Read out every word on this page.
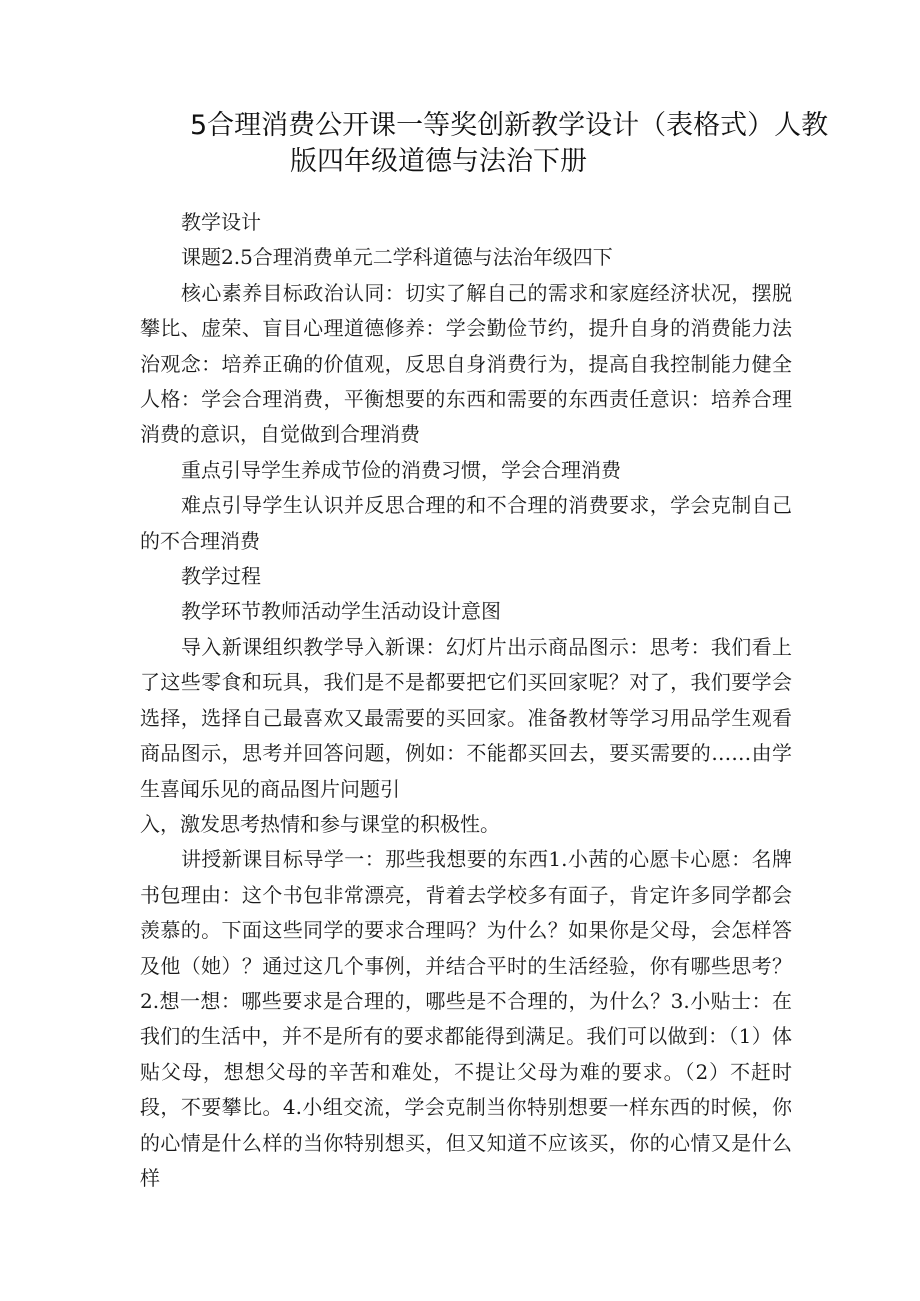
5合理消费公开课一等奖创新教学设计（表格式）人教
版四年级道德与法治下册

教学设计

课题2.5合理消费单元二学科道德与法治年级四下

核心素养目标政治认同：切实了解自己的需求和家庭经济状况，摆脱攀比、虚荣、盲目心理道德修养：学会勤俭节约，提升自身的消费能力法治观念：培养正确的价值观，反思自身消费行为，提高自我控制能力健全人格：学会合理消费，平衡想要的东西和需要的东西责任意识：培养合理消费的意识，自觉做到合理消费

重点引导学生养成节俭的消费习惯，学会合理消费

难点引导学生认识并反思合理的和不合理的消费要求，学会克制自己的不合理消费

教学过程

教学环节教师活动学生活动设计意图

导入新课组织教学导入新课：幻灯片出示商品图示：思考：我们看上了这些零食和玩具，我们是不是都要把它们买回家呢？对了，我们要学会选择，选择自己最喜欢又最需要的买回家。准备教材等学习用品学生观看商品图示，思考并回答问题，例如：不能都买回去，要买需要的……由学生喜闻乐见的商品图片问题引

入，激发思考热情和参与课堂的积极性。

讲授新课目标导学一：那些我想要的东西1.小茜的心愿卡心愿：名牌书包理由：这个书包非常漂亮，背着去学校多有面子，肯定许多同学都会羡慕的。下面这些同学的要求合理吗？为什么？如果你是父母，会怎样答及他（她）？通过这几个事例，并结合平时的生活经验，你有哪些思考？2.想一想：哪些要求是合理的，哪些是不合理的，为什么？3.小贴士：在我们的生活中，并不是所有的要求都能得到满足。我们可以做到：（1）体贴父母，想想父母的辛苦和难处，不提让父母为难的要求。（2）不赶时段，不要攀比。4.小组交流，学会克制当你特别想要一样东西的时候，你的心情是什么样的当你特别想买，但又知道不应该买，你的心情又是什么样
